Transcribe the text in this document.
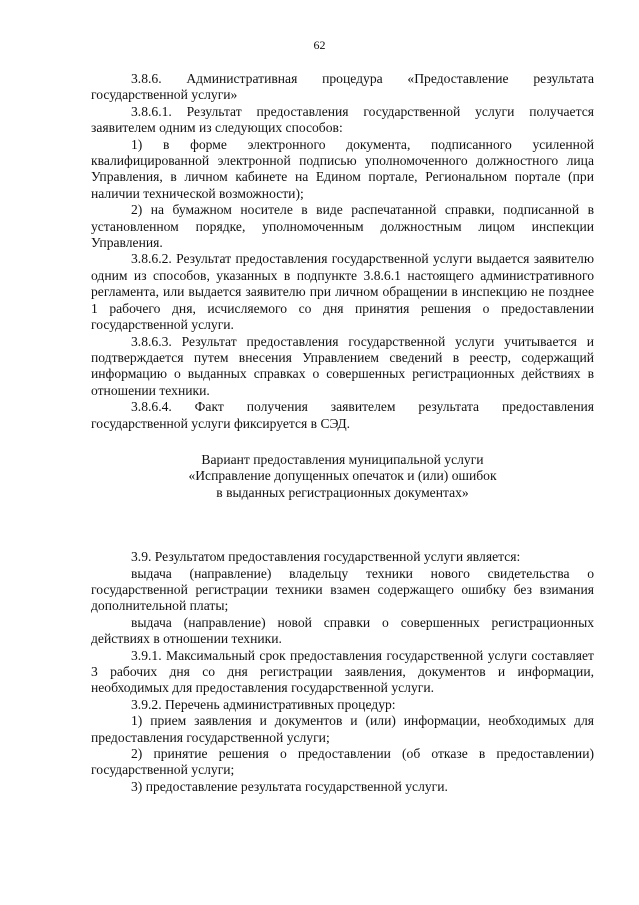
62

3.8.6. Административная процедура «Предоставление результата государственной услуги»

3.8.6.1. Результат предоставления государственной услуги получается заявителем одним из следующих способов:

1) в форме электронного документа, подписанного усиленной квалифицированной электронной подписью уполномоченного должностного лица Управления, в личном кабинете на Едином портале, Региональном портале (при наличии технической возможности);

2) на бумажном носителе в виде распечатанной справки, подписанной в установленном порядке, уполномоченным должностным лицом инспекции Управления.

3.8.6.2. Результат предоставления государственной услуги выдается заявителю одним из способов, указанных в подпункте 3.8.6.1 настоящего административного регламента, или выдается заявителю при личном обращении в инспекцию не позднее 1 рабочего дня, исчисляемого со дня принятия решения о предоставлении государственной услуги.

3.8.6.3. Результат предоставления государственной услуги учитывается и подтверждается путем внесения Управлением сведений в реестр, содержащий информацию о выданных справках о совершенных регистрационных действиях в отношении техники.

3.8.6.4. Факт получения заявителем результата предоставления государственной услуги фиксируется в СЭД.

Вариант предоставления муниципальной услуги

«Исправление допущенных опечаток и (или) ошибок

в выданных регистрационных документах»

3.9. Результатом предоставления государственной услуги является:

выдача (направление) владельцу техники нового свидетельства о государственной регистрации техники взамен содержащего ошибку без взимания дополнительной платы;

выдача (направление) новой справки о совершенных регистрационных действиях в отношении техники.

3.9.1. Максимальный срок предоставления государственной услуги составляет 3 рабочих дня со дня регистрации заявления, документов и информации, необходимых для предоставления государственной услуги.

3.9.2. Перечень административных процедур:

1) прием заявления и документов и (или) информации, необходимых для предоставления государственной услуги;

2) принятие решения о предоставлении (об отказе в предоставлении) государственной услуги;

3) предоставление результата государственной услуги.
